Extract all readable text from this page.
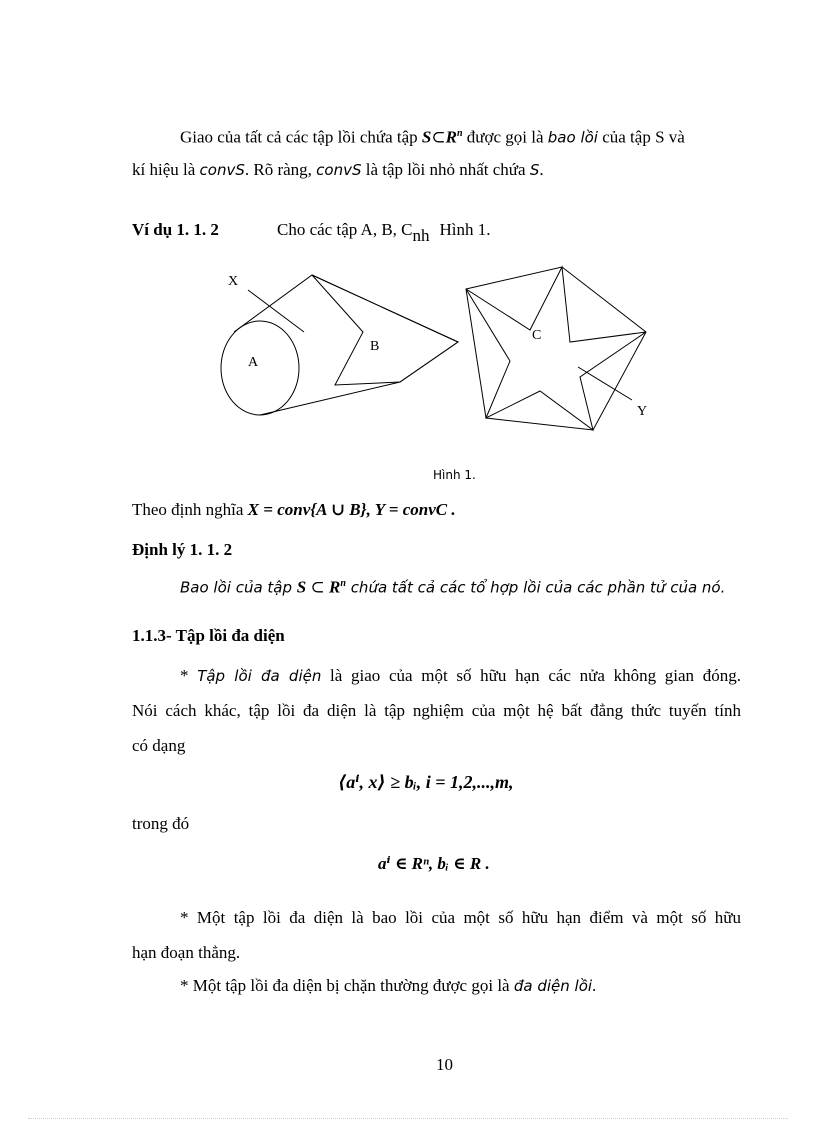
Giao của tất cả các tập lồi chứa tập $S\subset R^n$ được gọi là bao lồi của tập S và
kí hiệu là convS. Rõ ràng, convS là tập lồi nhỏ nhất chứa S.
Ví dụ 1. 1. 2	Cho các tập A, B, $C_{nh}$ Hình 1.
X
A
B
C
Y
Hình 1.
Theo định nghĩa X = conv{A ∪ B}, Y = convC .
Định lý 1. 1. 2
Bao lồi của tập S ⊂ $R^n$ chứa tất cả các tổ hợp lồi của các phần tử của nó.
1.1.3- Tập lồi đa diện
* Tập lồi đa diện là giao của một số hữu hạn các nửa không gian đóng.
Nói cách khác, tập lồi đa diện là tập nghiệm của một hệ bất đẳng thức tuyến tính
có dạng
⟨aⁱ, x⟩ ≥ bᵢ, i = 1,2,...,m,
trong đó
aⁱ ∈ Rⁿ, bᵢ ∈ R .
* Một tập lồi đa diện là bao lồi của một số hữu hạn điểm và một số hữu
hạn đoạn thẳng.
* Một tập lồi đa diện bị chặn thường được gọi là đa diện lồi.
10
